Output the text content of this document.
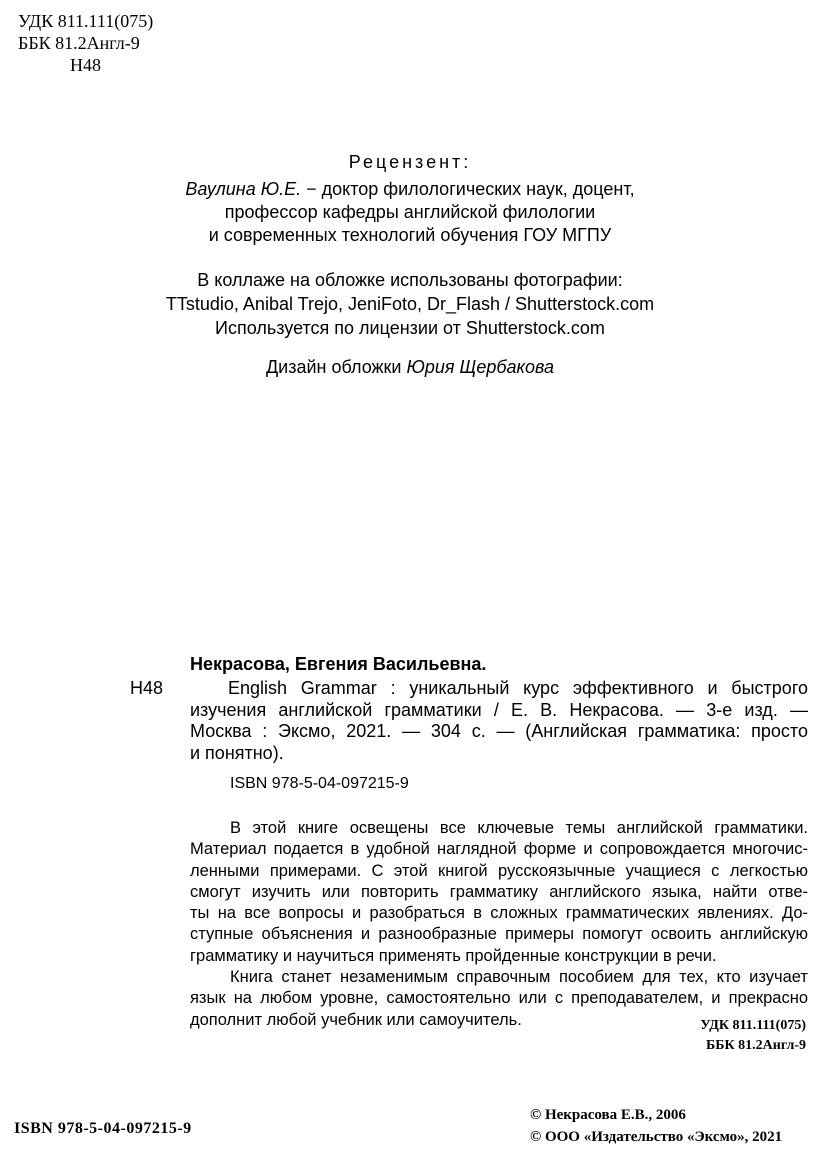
УДК 811.111(075)
ББК 81.2Англ-9
Н48
Рецензент:
Ваулина Ю.Е. − доктор филологических наук, доцент,
профессор кафедры английской филологии
и современных технологий обучения ГОУ МГПУ
В коллаже на обложке использованы фотографии:
TTstudio, Anibal Trejo, JeniFoto, Dr_Flash / Shutterstock.com
Используется по лицензии от Shutterstock.com
Дизайн обложки Юрия Щербакова
Некрасова, Евгения Васильевна.
Н48	English Grammar : уникальный курс эффективного и быстрого
изучения английской грамматики / Е. В. Некрасова. — 3-е изд. —
Москва : Эксмо, 2021. — 304 с. — (Английская грамматика: просто
и понятно).
ISBN 978-5-04-097215-9
В этой книге освещены все ключевые темы английской грамматики.
Материал подается в удобной наглядной форме и сопровождается многочис-
ленными примерами. С этой книгой русскоязычные учащиеся с легкостью
смогут изучить или повторить грамматику английского языка, найти отве-
ты на все вопросы и разобраться в сложных грамматических явлениях. До-
ступные объяснения и разнообразные примеры помогут освоить английскую
грамматику и научиться применять пройденные конструкции в речи.
Книга станет незаменимым справочным пособием для тех, кто изучает
язык на любом уровне, самостоятельно или с преподавателем, и прекрасно
дополнит любой учебник или самоучитель.	УДК 811.111(075)
ББК 81.2Англ-9
ISBN 978-5-04-097215-9
© Некрасова Е.В., 2006
© ООО «Издательство «Эксмо», 2021
